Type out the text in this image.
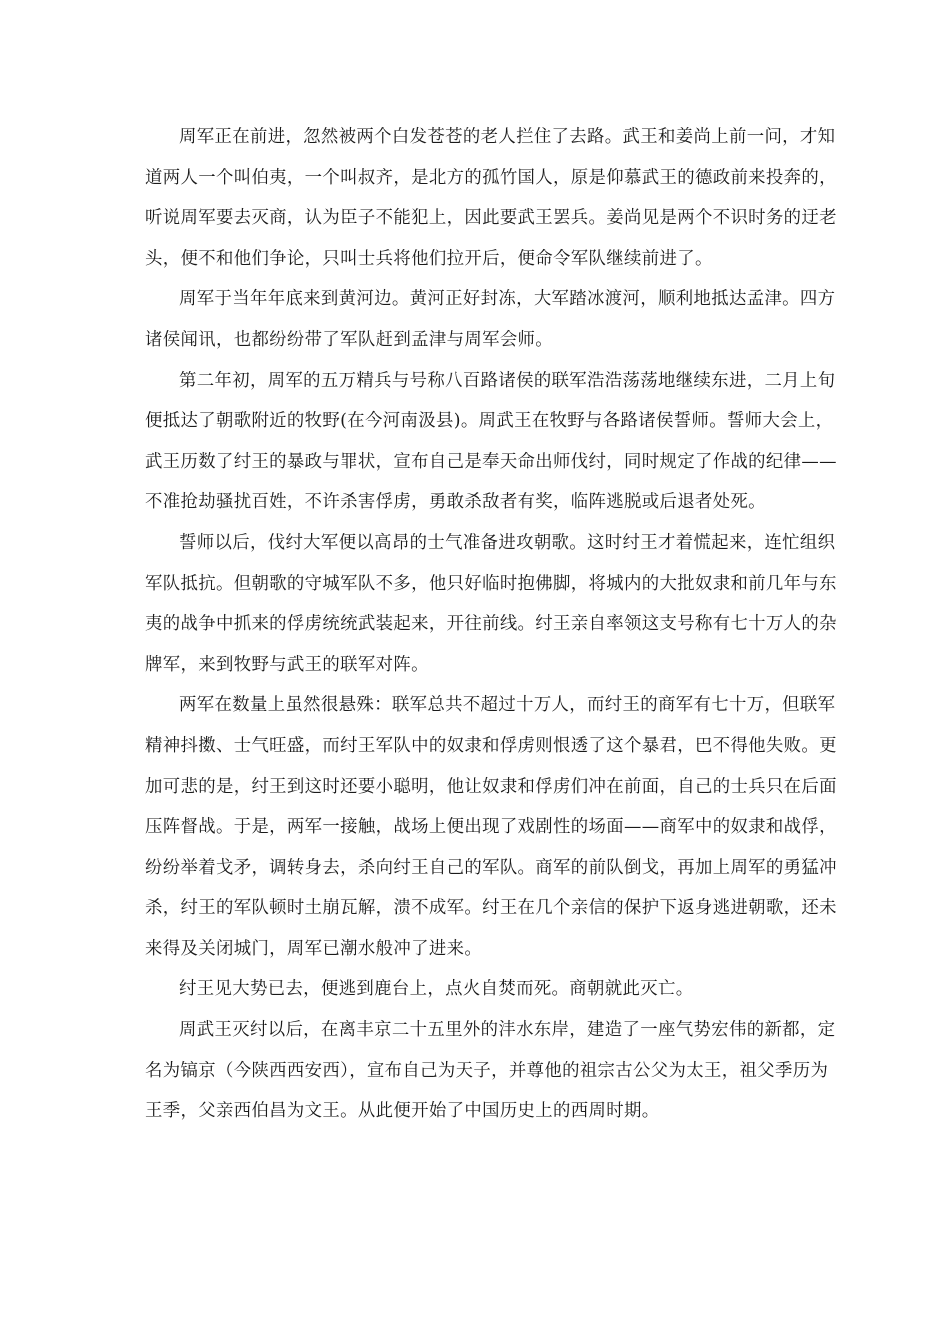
周军正在前进，忽然被两个白发苍苍的老人拦住了去路。武王和姜尚上前一问，才知
道两人一个叫伯夷，一个叫叔齐，是北方的孤竹国人，原是仰慕武王的德政前来投奔的，
听说周军要去灭商，认为臣子不能犯上，因此要武王罢兵。姜尚见是两个不识时务的迂老
头，便不和他们争论，只叫士兵将他们拉开后，便命令军队继续前进了。

周军于当年年底来到黄河边。黄河正好封冻，大军踏冰渡河，顺利地抵达孟津。四方
诸侯闻讯，也都纷纷带了军队赶到孟津与周军会师。

第二年初，周军的五万精兵与号称八百路诸侯的联军浩浩荡荡地继续东进，二月上旬
便抵达了朝歌附近的牧野(在今河南汲县)。周武王在牧野与各路诸侯誓师。誓师大会上，
武王历数了纣王的暴政与罪状，宣布自己是奉天命出师伐纣，同时规定了作战的纪律——
不准抢劫骚扰百姓，不许杀害俘虏，勇敢杀敌者有奖，临阵逃脱或后退者处死。

誓师以后，伐纣大军便以高昂的士气准备进攻朝歌。这时纣王才着慌起来，连忙组织
军队抵抗。但朝歌的守城军队不多，他只好临时抱佛脚，将城内的大批奴隶和前几年与东
夷的战争中抓来的俘虏统统武装起来，开往前线。纣王亲自率领这支号称有七十万人的杂
牌军，来到牧野与武王的联军对阵。

两军在数量上虽然很悬殊：联军总共不超过十万人，而纣王的商军有七十万，但联军
精神抖擞、士气旺盛，而纣王军队中的奴隶和俘虏则恨透了这个暴君，巴不得他失败。更
加可悲的是，纣王到这时还要小聪明，他让奴隶和俘虏们冲在前面，自己的士兵只在后面
压阵督战。于是，两军一接触，战场上便出现了戏剧性的场面——商军中的奴隶和战俘，
纷纷举着戈矛，调转身去，杀向纣王自己的军队。商军的前队倒戈，再加上周军的勇猛冲
杀，纣王的军队顿时土崩瓦解，溃不成军。纣王在几个亲信的保护下返身逃进朝歌，还未
来得及关闭城门，周军已潮水般冲了进来。

纣王见大势已去，便逃到鹿台上，点火自焚而死。商朝就此灭亡。

周武王灭纣以后，在离丰京二十五里外的沣水东岸，建造了一座气势宏伟的新都，定
名为镐京（今陕西西安西），宣布自己为天子，并尊他的祖宗古公父为太王，祖父季历为
王季，父亲西伯昌为文王。从此便开始了中国历史上的西周时期。
